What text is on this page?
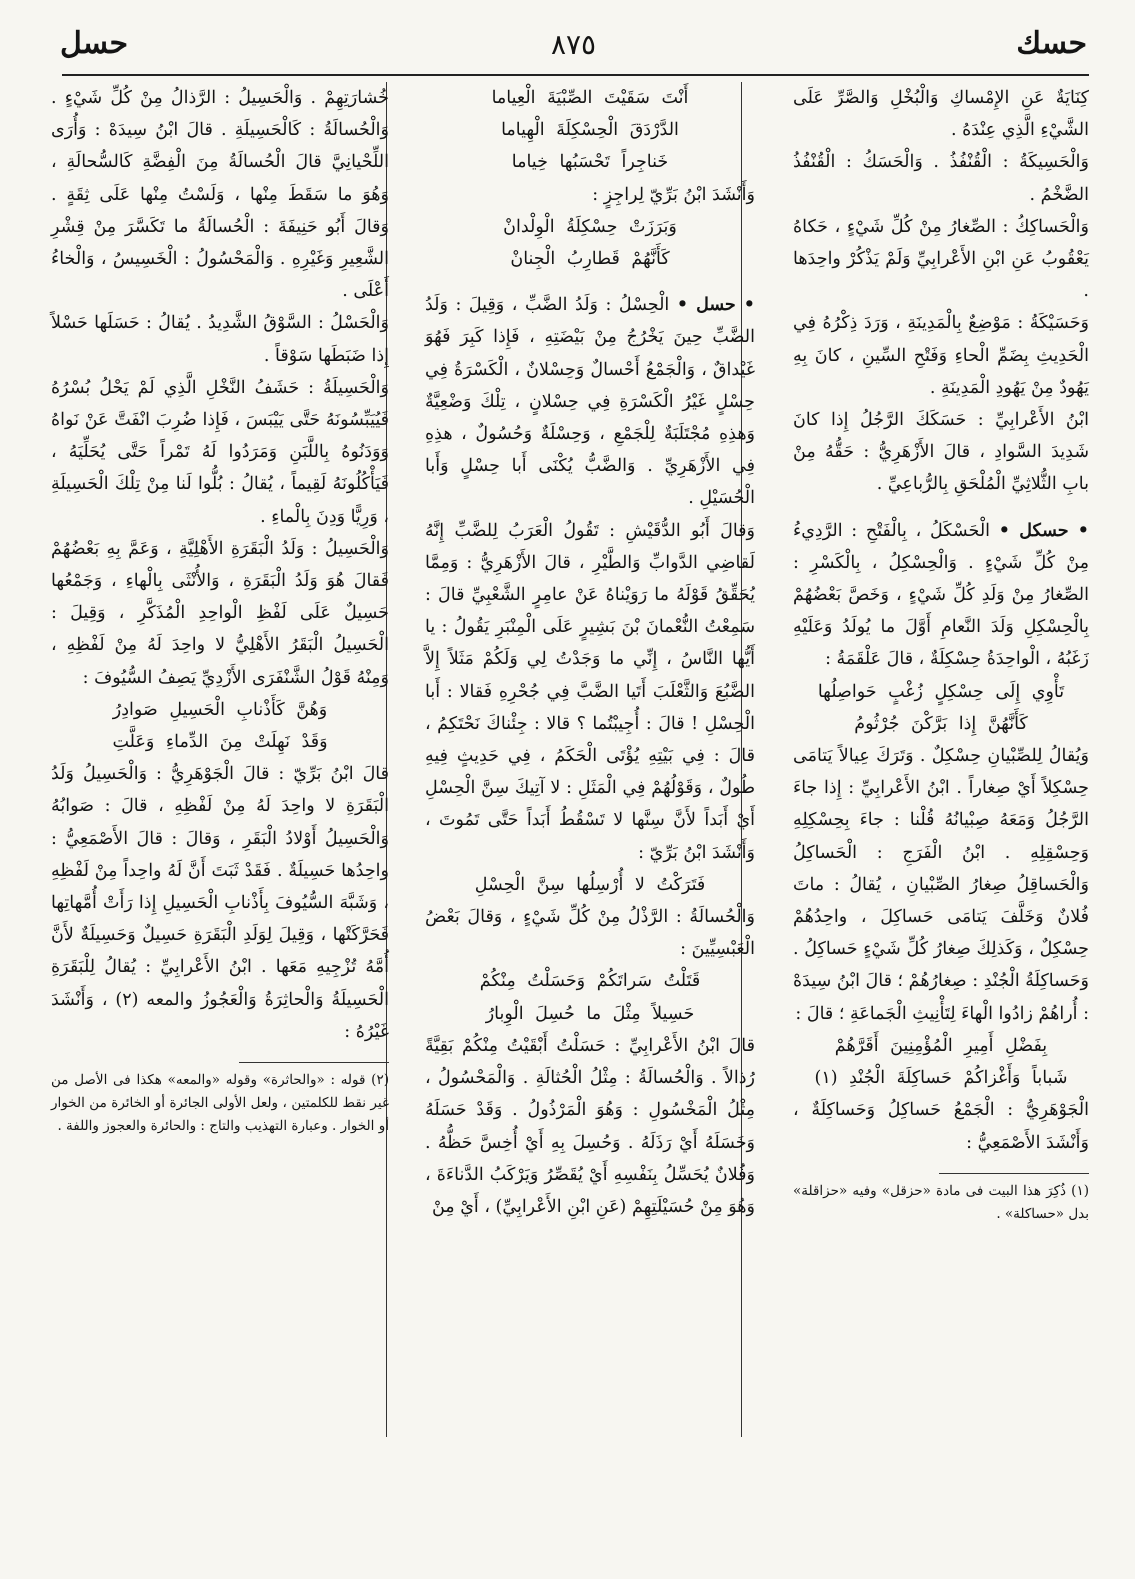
حسك
٨٧٥
حسل

كِنَايَةٌ عَنِ الإِمْساكِ وَالْبُخْلِ وَالصَّرِّ عَلَى الشَّيْءِ الَّذِي عِنْدَهُ .

وَالْحَسِيكَةُ : الْقُنْفُذُ . وَالْحَسَكُ : الْقُنْفُذُ الضَّخْمُ .

وَالْحَساكِكُ : الصِّغارُ مِنْ كُلِّ شَيْءٍ ، حَكاهُ يَعْقُوبُ عَنِ ابْنِ الأَعْرابِيِّ وَلَمْ يَذْكُرْ واحِدَها .

وَحَسَيْكَةُ : مَوْضِعٌ بِالْمَدِينَةِ ، وَرَدَ ذِكْرُهُ فِي الْحَدِيثِ بِضَمِّ الْحاءِ وَفَتْحِ السِّينِ ، كانَ بِهِ يَهُودٌ مِنْ يَهُودِ الْمَدِينَةِ .

ابْنُ الأَعْرابِيِّ : حَسَكَكَ الرَّجُلُ إِذا كانَ شَدِيدَ السَّوادِ ، قالَ الأَزْهَرِيُّ : حَقُّهُ مِنْ بابِ الثُّلاثِيِّ الْمُلْحَقِ بِالرُّباعِيِّ .

• حسكل • الْحَسْكَلُ ، بِالْفَتْحِ : الرَّدِيءُ مِنْ كُلِّ شَيْءٍ . وَالْحِسْكِلُ ، بِالْكَسْرِ : الصِّغارُ مِنْ وَلَدِ كُلِّ شَيْءٍ ، وَخَصَّ بَعْضُهُمْ بِالْحِسْكِلِ وَلَدَ النَّعامِ أَوَّلَ ما يُولَدُ وَعَلَيْهِ زَغَبُهُ ، الْواحِدَةُ حِسْكِلَةٌ ، قالَ عَلْقَمَةُ :

تَأْوِي إِلَى حِسْكِلٍ زُغْبٍ حَواصِلُها

كَأَنَّهُنَّ إِذا بَرَّكْنَ جُرْثُومُ

وَيُقالُ لِلصِّبْيانِ حِسْكِلٌ . وَتَرَكَ عِيالاً يَتامَى حِسْكِلاً أَيْ صِغاراً . ابْنُ الأَعْرابِيِّ : إِذا جاءَ الرَّجُلُ وَمَعَهُ صِبْيانُهُ قُلْنا : جاءَ بِحِسْكِلِهِ وَحِسْقِلِهِ . ابْنُ الْفَرَجِ : الْحَساكِلُ وَالْحَساقِلُ صِغارُ الصِّبْيانِ ، يُقالُ : ماتَ فُلانٌ وَخَلَّفَ يَتامَى حَساكِلَ ، واحِدُهُمْ حِسْكِلٌ ، وَكَذلِكَ صِغارُ كُلِّ شَيْءٍ حَساكِلُ . وَحَساكِلَةُ الْجُنْدِ : صِغارُهُمْ ؛ قالَ ابْنُ سِيدَهْ : أُراهُمْ زادُوا الْهاءَ لِتَأْنِيثِ الْجَماعَةِ ؛ قالَ :

بِفَضْلِ أَمِيرِ الْمُؤْمِنِينَ أَقَرَّهُمْ

شَباباً وَأَغْزاكُمْ حَساكِلَةَ الْجُنْدِ (١)

الْجَوْهَرِيُّ : الْجَمْعُ حَساكِلُ وَحَساكِلَةٌ ، وَأَنْشَدَ الأَصْمَعِيُّ :

(١) ذُكِرَ هذا البيت فى مادة «حزقل» وفيه «حزاقلة» بدل «حساكلة» .

أَنْتَ سَقَيْتَ الصِّبْيَةَ الْعِياما

الدَّرْدَقَ الْحِسْكِلَةَ الْهِياما

خَناجِراً تَحْسَبُها خِياما

وَأَنْشَدَ ابْنُ بَرِّيّ لِراجِزٍ :

وَبَرَزَتْ حِسْكِلَةُ الْوِلْدانْ

كَأَنَّهُمْ قَطارِبُ الْجِنانْ

• حسل • الْحِسْلُ : وَلَدُ الضَّبِّ ، وَقِيلَ : وَلَدُ الضَّبِّ حِينَ يَخْرُجُ مِنْ بَيْضَتِهِ ، فَإِذا كَبِرَ فَهُوَ غَيْداقٌ ، وَالْجَمْعُ أَحْسالٌ وَحِسْلانٌ ، الْكَسْرَةُ فِي حِسْلٍ غَيْرُ الْكَسْرَةِ فِي حِسْلانٍ ، تِلْكَ وَضْعِيَّةٌ وَهذِهِ مُجْتَلَبَةٌ لِلْجَمْعِ ، وَحِسْلَةٌ وَحُسُولٌ ، هذِهِ فِي الأَزْهَرِيِّ . وَالضَّبُّ يُكْنَى أَبا حِسْلٍ وَأَبا الْحُسَيْلِ .

وَقالَ أَبُو الدُّقَيْشِ : تَقُولُ الْعَرَبُ لِلضَّبِّ إِنَّهُ لَقاضِي الدَّوابِّ وَالطَّيْرِ ، قالَ الأَزْهَرِيُّ : وَمِمَّا يُحَقِّقُ قَوْلَهُ ما رَوَيْناهُ عَنْ عامِرٍ الشَّعْبِيِّ قالَ : سَمِعْتُ النُّعْمانَ بْنَ بَشِيرٍ عَلَى الْمِنْبَرِ يَقُولُ : يا أَيُّها النَّاسُ ، إِنِّي ما وَجَدْتُ لِي وَلَكُمْ مَثَلاً إِلاَّ الضَّبُعَ وَالثَّعْلَبَ أَتَيا الضَّبَّ فِي جُحْرِهِ فَقالا : أَبا الْحِسْلِ ! قالَ : أُجِيبْتُما ؟ قالا : جِئْناكَ نَحْتَكِمُ ، قالَ : فِي بَيْتِهِ يُؤْتَى الْحَكَمُ ، فِي حَدِيثٍ فِيهِ طُولٌ ، وَقَوْلُهُمْ فِي الْمَثَلِ : لا آتِيكَ سِنَّ الْحِسْلِ أَيْ أَبَداً لأَنَّ سِنَّها لا تَسْقُطُ أَبَداً حَتَّى تَمُوتَ ، وَأَنْشَدَ ابْنُ بَرِّيّ :

فَتَرَكْتُ لا أُرْسِلُها سِنَّ الْحِسْلِ

وَالْحُسالَةُ : الرَّذْلُ مِنْ كُلِّ شَيْءٍ ، وَقالَ بَعْضُ الْعَبْسِيِّينَ :

قَتَلْتُ سَراتَكُمْ وَحَسَلْتُ مِنْكُمْ

حَسِيلاً مِثْلَ ما حُسِلَ الْوِبارُ

قالَ ابْنُ الأَعْرابِيِّ : حَسَلْتُ أَبْقَيْتُ مِنْكُمْ بَقِيَّةً رُذالاً . وَالْحُسالَةُ : مِثْلُ الْحُثالَةِ . وَالْمَحْسُولُ ، مِثْلُ الْمَخْسُولِ : وَهُوَ الْمَرْذُولُ . وَقَدْ حَسَلَهُ وَخَسَلَهُ أَيْ رَذَلَهُ . وَحُسِلَ بِهِ أَيْ أُخِسَّ حَظُّهُ . وَفُلانٌ يُحَسِّلُ بِنَفْسِهِ أَيْ يُقَصِّرُ وَيَرْكَبُ الدَّناءَةَ ، وَهُوَ مِنْ حُسَيْلَتِهِمْ (عَنِ ابْنِ الأَعْرابِيِّ) ، أَيْ مِنْ

خُشارَتِهِمْ . وَالْحَسِيلُ : الرَّذالُ مِنْ كُلِّ شَيْءٍ . وَالْحُسالَةُ : كَالْحَسِيلَةِ . قالَ ابْنُ سِيدَهْ : وَأُرَى اللِّحْيانِيَّ قالَ الْحُسالَةُ مِنَ الْفِضَّةِ كَالسُّحالَةِ ، وَهُوَ ما سَقَطَ مِنْها ، وَلَسْتُ مِنْها عَلَى ثِقَةٍ . وَقالَ أَبُو حَنِيفَةَ : الْحُسالَةُ ما تَكَسَّرَ مِنْ قِشْرِ الشَّعِيرِ وَغَيْرِهِ . وَالْمَحْسُولُ : الْخَسِيسُ ، وَالْخاءُ أَعْلَى .

وَالْحَسْلُ : السَّوْقُ الشَّدِيدُ . يُقالُ : حَسَلَها حَسْلاً إِذا ضَبَطَها سَوْقاً .

وَالْحَسِيلَةُ : حَشَفُ النَّخْلِ الَّذِي لَمْ يَحْلُ بُسْرُهُ فَيُيَبِّسُونَهُ حَتَّى يَيْبَسَ ، فَإِذا ضُرِبَ انْفَتَّ عَنْ نَواهُ وَوَدَنُوهُ بِاللَّبَنِ وَمَرَدُوا لَهُ تَمْراً حَتَّى يُحَلِّيَهُ ، فَيَأْكُلُونَهُ لَقِيماً ، يُقالُ : بُلُّوا لَنا مِنْ تِلْكَ الْحَسِيلَةِ ، وَرِيًّا وَدِنَ بِالْماءِ .

وَالْحَسِيلُ : وَلَدُ الْبَقَرَةِ الأَهْلِيَّةِ ، وَعَمَّ بِهِ بَعْضُهُمْ فَقالَ هُوَ وَلَدُ الْبَقَرَةِ ، وَالأُنْثَى بِالْهاءِ ، وَجَمْعُها حَسِيلٌ عَلَى لَفْظِ الْواحِدِ الْمُذَكَّرِ ، وَقِيلَ : الْحَسِيلُ الْبَقَرُ الأَهْلِيُّ لا واحِدَ لَهُ مِنْ لَفْظِهِ ، وَمِنْهُ قَوْلُ الشَّنْفَرَى الأَزْدِيِّ يَصِفُ السُّيُوفَ :

وَهُنَّ كَأَذْنابِ الْحَسِيلِ صَوادِرُ

وَقَدْ نَهِلَتْ مِنَ الدِّماءِ وَعَلَّتِ

قالَ ابْنُ بَرِّيّ : قالَ الْجَوْهَرِيُّ : وَالْحَسِيلُ وَلَدُ الْبَقَرَةِ لا واحِدَ لَهُ مِنْ لَفْظِهِ ، قالَ : صَوابُهُ وَالْحَسِيلُ أَوْلادُ الْبَقَرِ ، وَقالَ : قالَ الأَصْمَعِيُّ : واحِدُها حَسِيلَةٌ . فَقَدْ ثَبَتَ أَنَّ لَهُ واحِداً مِنْ لَفْظِهِ ، وَشَبَّهَ السُّيُوفَ بِأَذْنابِ الْحَسِيلِ إِذا رَأَتْ أُمَّهاتِها فَحَرَّكَتْها ، وَقِيلَ لِوَلَدِ الْبَقَرَةِ حَسِيلٌ وَحَسِيلَةٌ لأَنَّ أُمَّهُ تُزْجِيهِ مَعَها . ابْنُ الأَعْرابِيِّ : يُقالُ لِلْبَقَرَةِ الْحَسِيلَةُ وَالْحاثِرَةُ وَالْعَجُوزُ والمعه (٢) ، وَأَنْشَدَ غَيْرُهُ :

(٢) قوله : «والحاثرة» وقوله «والمعه» هكذا فى الأصل من غير نقط للكلمتين ، ولعل الأولى الجائرة أو الخائرة من الخوار أو الخوار . وعبارة التهذيب والتاج : والحائرة والعجوز واللفة .
